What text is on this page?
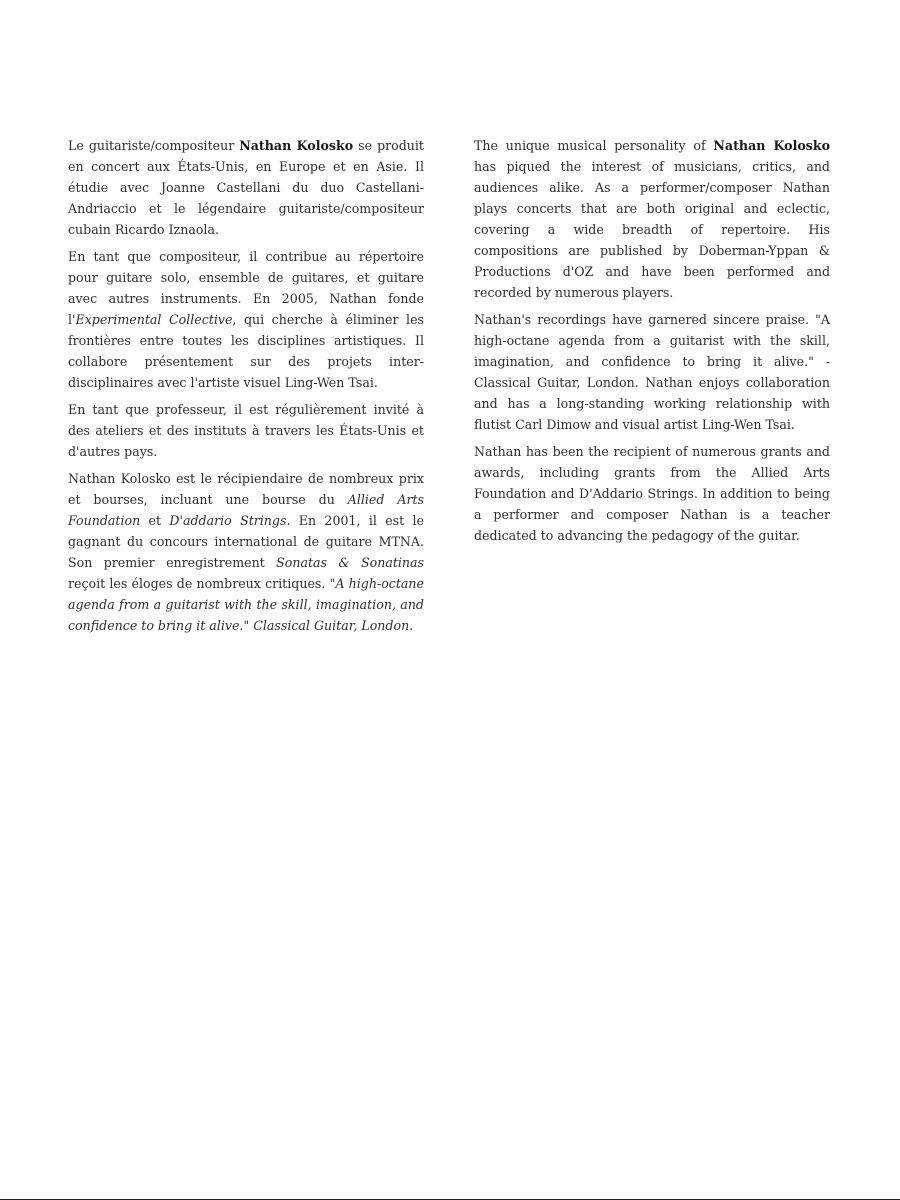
Le guitariste/compositeur Nathan Kolosko se produit en concert aux États-Unis, en Europe et en Asie. Il étudie avec Joanne Castellani du duo Castellani-Andriaccio et le légendaire guitariste/compositeur cubain Ricardo Iznaola.

En tant que compositeur, il contribue au répertoire pour guitare solo, ensemble de guitares, et guitare avec autres instruments. En 2005, Nathan fonde l'Experimental Collective, qui cherche à éliminer les frontières entre toutes les disciplines artistiques. Il collabore présentement sur des projets inter-disciplinaires avec l'artiste visuel Ling-Wen Tsai.

En tant que professeur, il est régulièrement invité à des ateliers et des instituts à travers les États-Unis et d'autres pays.

Nathan Kolosko est le récipiendaire de nombreux prix et bourses, incluant une bourse du Allied Arts Foundation et D'addario Strings. En 2001, il est le gagnant du concours international de guitare MTNA. Son premier enregistrement Sonatas & Sonatinas reçoit les éloges de nombreux critiques. "A high-octane agenda from a guitarist with the skill, imagination, and confidence to bring it alive." Classical Guitar, London.

The unique musical personality of Nathan Kolosko has piqued the interest of musicians, critics, and audiences alike. As a performer/composer Nathan plays concerts that are both original and eclectic, covering a wide breadth of repertoire. His compositions are published by Doberman-Yppan & Productions d'OZ and have been performed and recorded by numerous players.

Nathan's recordings have garnered sincere praise. "A high-octane agenda from a guitarist with the skill, imagination, and confidence to bring it alive." - Classical Guitar, London. Nathan enjoys collaboration and has a long-standing working relationship with flutist Carl Dimow and visual artist Ling-Wen Tsai.

Nathan has been the recipient of numerous grants and awards, including grants from the Allied Arts Foundation and D'Addario Strings. In addition to being a performer and composer Nathan is a teacher dedicated to advancing the pedagogy of the guitar.
